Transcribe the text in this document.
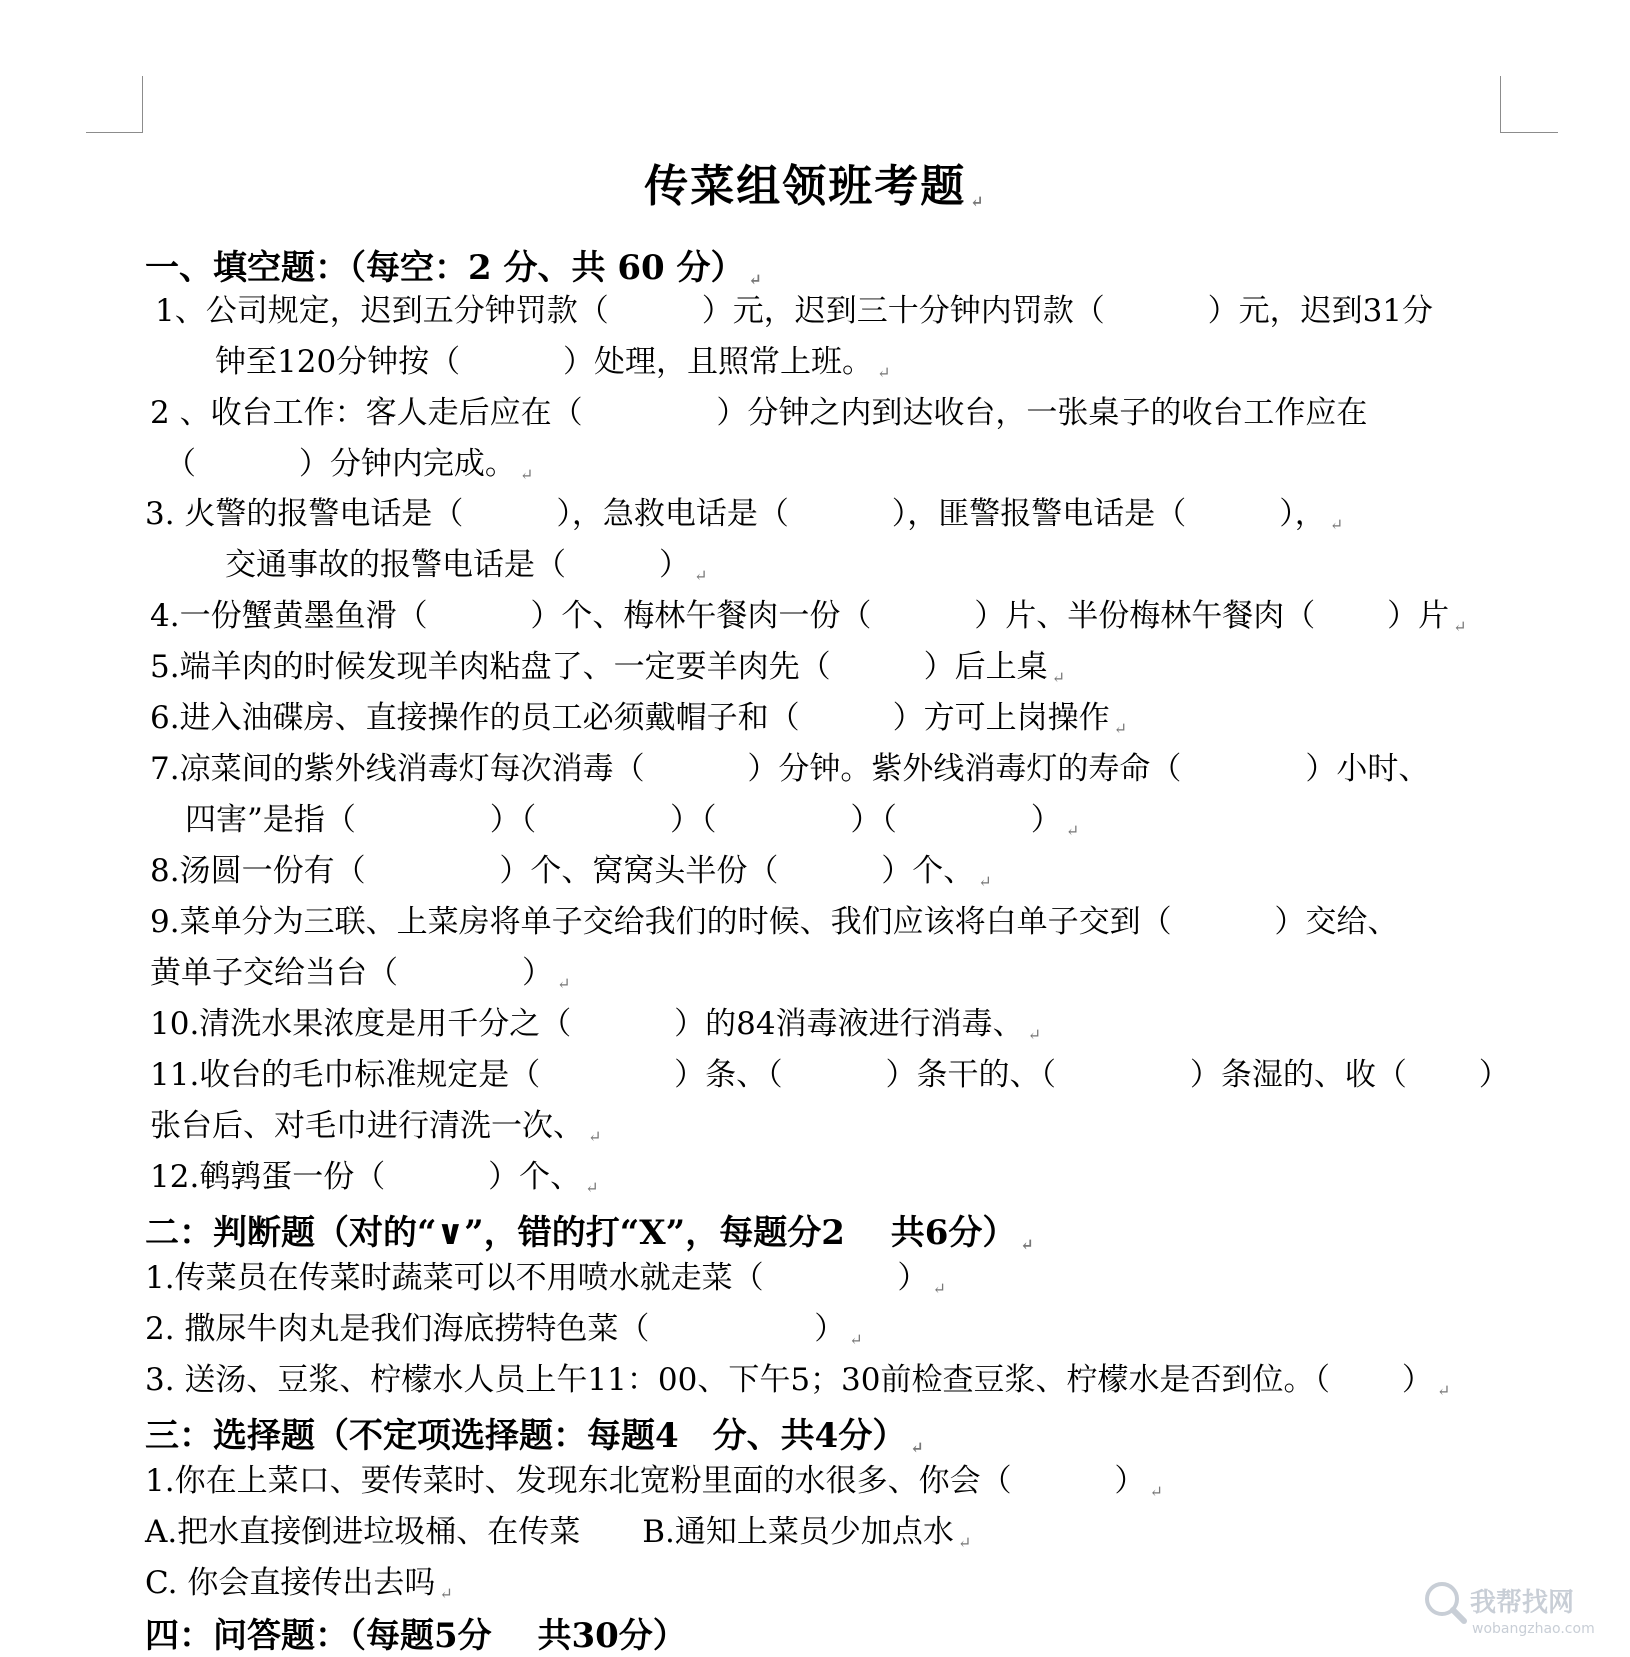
传菜组领班考题 ↵
一、填空题：（每空：2 分、共 60 分） ↵
1、公司规定，迟到五分钟罚款（　　　）元，迟到三十分钟内罚款（　　　 ）元，迟到31分
钟至120分钟按（　　　 ）处理，且照常上班。 ↵
2 、收台工作：客人走后应在（　　　　 ）分钟之内到达收台，一张桌子的收台工作应在
（　　　 ）分钟内完成。 ↵
3. 火警的报警电话是（　　　），急救电话是（　　　 ），匪警报警电话是（　　　）， ↵
交通事故的报警电话是（　　　） ↵
4.一份蟹黄墨鱼滑（　　　 ）个、梅林午餐肉一份（　　　 ）片、半份梅林午餐肉（　　 ）片 ↵
5.端羊肉的时候发现羊肉粘盘了、一定要羊肉先（　　　）后上桌 ↵
6.进入油碟房、直接操作的员工必须戴帽子和（　　　）方可上岗操作 ↵
7.凉菜间的紫外线消毒灯每次消毒（　　　 ）分钟。紫外线消毒灯的寿命（　　　　）小时、
四害”是指（　　　　 ）（　　　　 ）（　　　　 ）（　　　　 ） ↵
8.汤圆一份有（　　　　 ）个、窝窝头半份（　　　 ）个、 ↵
9.菜单分为三联、上菜房将单子交给我们的时候、我们应该将白单子交到（　　　 ）交给、
黄单子交给当台（　　　　） ↵
10.清洗水果浓度是用千分之（　　　 ）的84消毒液进行消毒、 ↵
11.收台的毛巾标准规定是（　　　　 ）条、（　　　 ）条干的、（　　　　 ）条湿的、收（　　 ）
张台后、对毛巾进行清洗一次、 ↵
12.鹌鹑蛋一份（　　　 ）个、 ↵
二：判断题（对的“∨”，错的打“X”，每题分2　 共6分） ↵
1.传菜员在传菜时蔬菜可以不用喷水就走菜（　　　　 ） ↵
2. 撒尿牛肉丸是我们海底捞特色菜（　　　　　 ） ↵
3. 送汤、豆浆、柠檬水人员上午11：00、下午5；30前检查豆浆、柠檬水是否到位。（　　 ） ↵
三：选择题（不定项选择题：每题4　分、共4分） ↵
1.你在上菜口、要传菜时、发现东北宽粉里面的水很多、你会（　　　 ） ↵
A.把水直接倒进垃圾桶、在传菜　　B.通知上菜员少加点水 ↵
C. 你会直接传出去吗 ↵
四：问答题：（每题5分　 共30分）
我帮找网
wobangzhao.com
